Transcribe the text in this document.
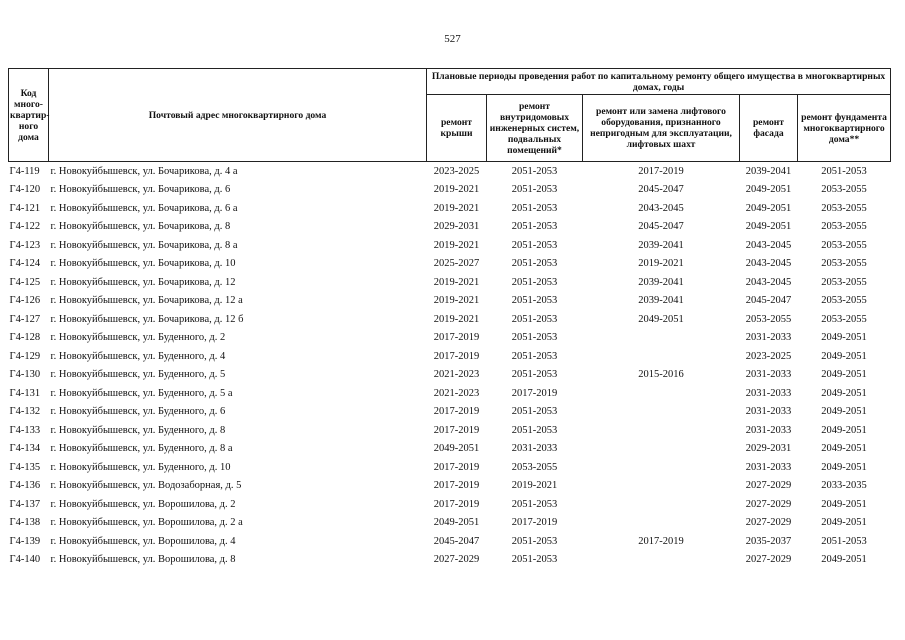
527
Код много-квартир-ного дома	Почтовый адрес многоквартирного дома	Плановые периоды проведения работ по капитальному ремонту общего имущества в многоквартирных домах, годы				
		ремонт крыши	ремонт внутридомовых инженерных систем, подвальных помещений*	ремонт или замена лифтового оборудования, признанного непригодным для эксплуатации, лифтовых шахт	ремонт фасада	ремонт фундамента многоквартирного дома**
Г4-119	г. Новокуйбышевск, ул. Бочарикова, д. 4 а	2023-2025	2051-2053	2017-2019	2039-2041	2051-2053
Г4-120	г. Новокуйбышевск, ул. Бочарикова, д. 6	2019-2021	2051-2053	2045-2047	2049-2051	2053-2055
Г4-121	г. Новокуйбышевск, ул. Бочарикова, д. 6 а	2019-2021	2051-2053	2043-2045	2049-2051	2053-2055
Г4-122	г. Новокуйбышевск, ул. Бочарикова, д. 8	2029-2031	2051-2053	2045-2047	2049-2051	2053-2055
Г4-123	г. Новокуйбышевск, ул. Бочарикова, д. 8 а	2019-2021	2051-2053	2039-2041	2043-2045	2053-2055
Г4-124	г. Новокуйбышевск, ул. Бочарикова, д. 10	2025-2027	2051-2053	2019-2021	2043-2045	2053-2055
Г4-125	г. Новокуйбышевск, ул. Бочарикова, д. 12	2019-2021	2051-2053	2039-2041	2043-2045	2053-2055
Г4-126	г. Новокуйбышевск, ул. Бочарикова, д. 12 а	2019-2021	2051-2053	2039-2041	2045-2047	2053-2055
Г4-127	г. Новокуйбышевск, ул. Бочарикова, д. 12 б	2019-2021	2051-2053	2049-2051	2053-2055	2053-2055
Г4-128	г. Новокуйбышевск, ул. Буденного, д. 2	2017-2019	2051-2053		2031-2033	2049-2051
Г4-129	г. Новокуйбышевск, ул. Буденного, д. 4	2017-2019	2051-2053		2023-2025	2049-2051
Г4-130	г. Новокуйбышевск, ул. Буденного, д. 5	2021-2023	2051-2053	2015-2016	2031-2033	2049-2051
Г4-131	г. Новокуйбышевск, ул. Буденного, д. 5 а	2021-2023	2017-2019		2031-2033	2049-2051
Г4-132	г. Новокуйбышевск, ул. Буденного, д. 6	2017-2019	2051-2053		2031-2033	2049-2051
Г4-133	г. Новокуйбышевск, ул. Буденного, д. 8	2017-2019	2051-2053		2031-2033	2049-2051
Г4-134	г. Новокуйбышевск, ул. Буденного, д. 8 а	2049-2051	2031-2033		2029-2031	2049-2051
Г4-135	г. Новокуйбышевск, ул. Буденного, д. 10	2017-2019	2053-2055		2031-2033	2049-2051
Г4-136	г. Новокуйбышевск, ул. Водозаборная, д. 5	2017-2019	2019-2021		2027-2029	2033-2035
Г4-137	г. Новокуйбышевск, ул. Ворошилова, д. 2	2017-2019	2051-2053		2027-2029	2049-2051
Г4-138	г. Новокуйбышевск, ул. Ворошилова, д. 2 а	2049-2051	2017-2019		2027-2029	2049-2051
Г4-139	г. Новокуйбышевск, ул. Ворошилова, д. 4	2045-2047	2051-2053	2017-2019	2035-2037	2051-2053
Г4-140	г. Новокуйбышевск, ул. Ворошилова, д. 8	2027-2029	2051-2053		2027-2029	2049-2051
